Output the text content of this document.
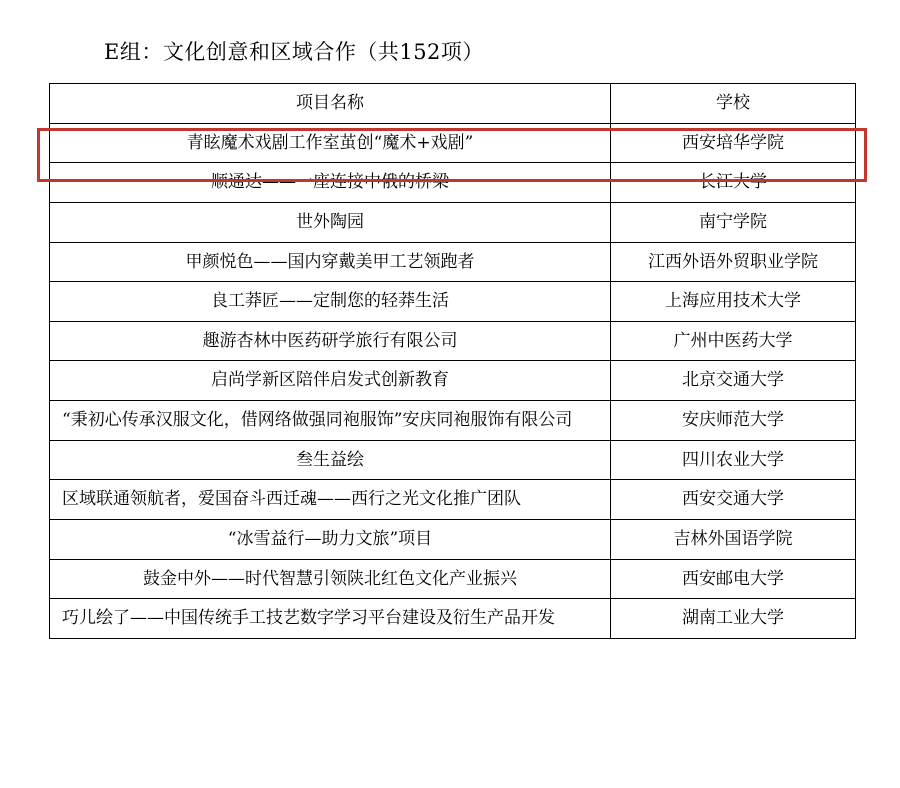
E组：文化创意和区域合作（共152项）
项目名称	学校
青眩魔术戏剧工作室茧创“魔术+戏剧”	西安培华学院
顺通达——一座连接中俄的桥梁	长江大学
世外陶园	南宁学院
甲颜悦色——国内穿戴美甲工艺领跑者	江西外语外贸职业学院
良工莽匠——定制您的轻莽生活	上海应用技术大学
趣游杏林中医药研学旅行有限公司	广州中医药大学
启尚学新区陪伴启发式创新教育	北京交通大学
“秉初心传承汉服文化，借网络做强同袍服饰”安庆同袍服饰有限公司	安庆师范大学
叁生益绘	四川农业大学
区域联通领航者，爱国奋斗西迁魂——西行之光文化推广团队	西安交通大学
“冰雪益行—助力文旅”项目	吉林外国语学院
鼓金中外——时代智慧引领陕北红色文化产业振兴	西安邮电大学
巧儿绘了——中国传统手工技艺数字学习平台建设及衍生产品开发	湖南工业大学
